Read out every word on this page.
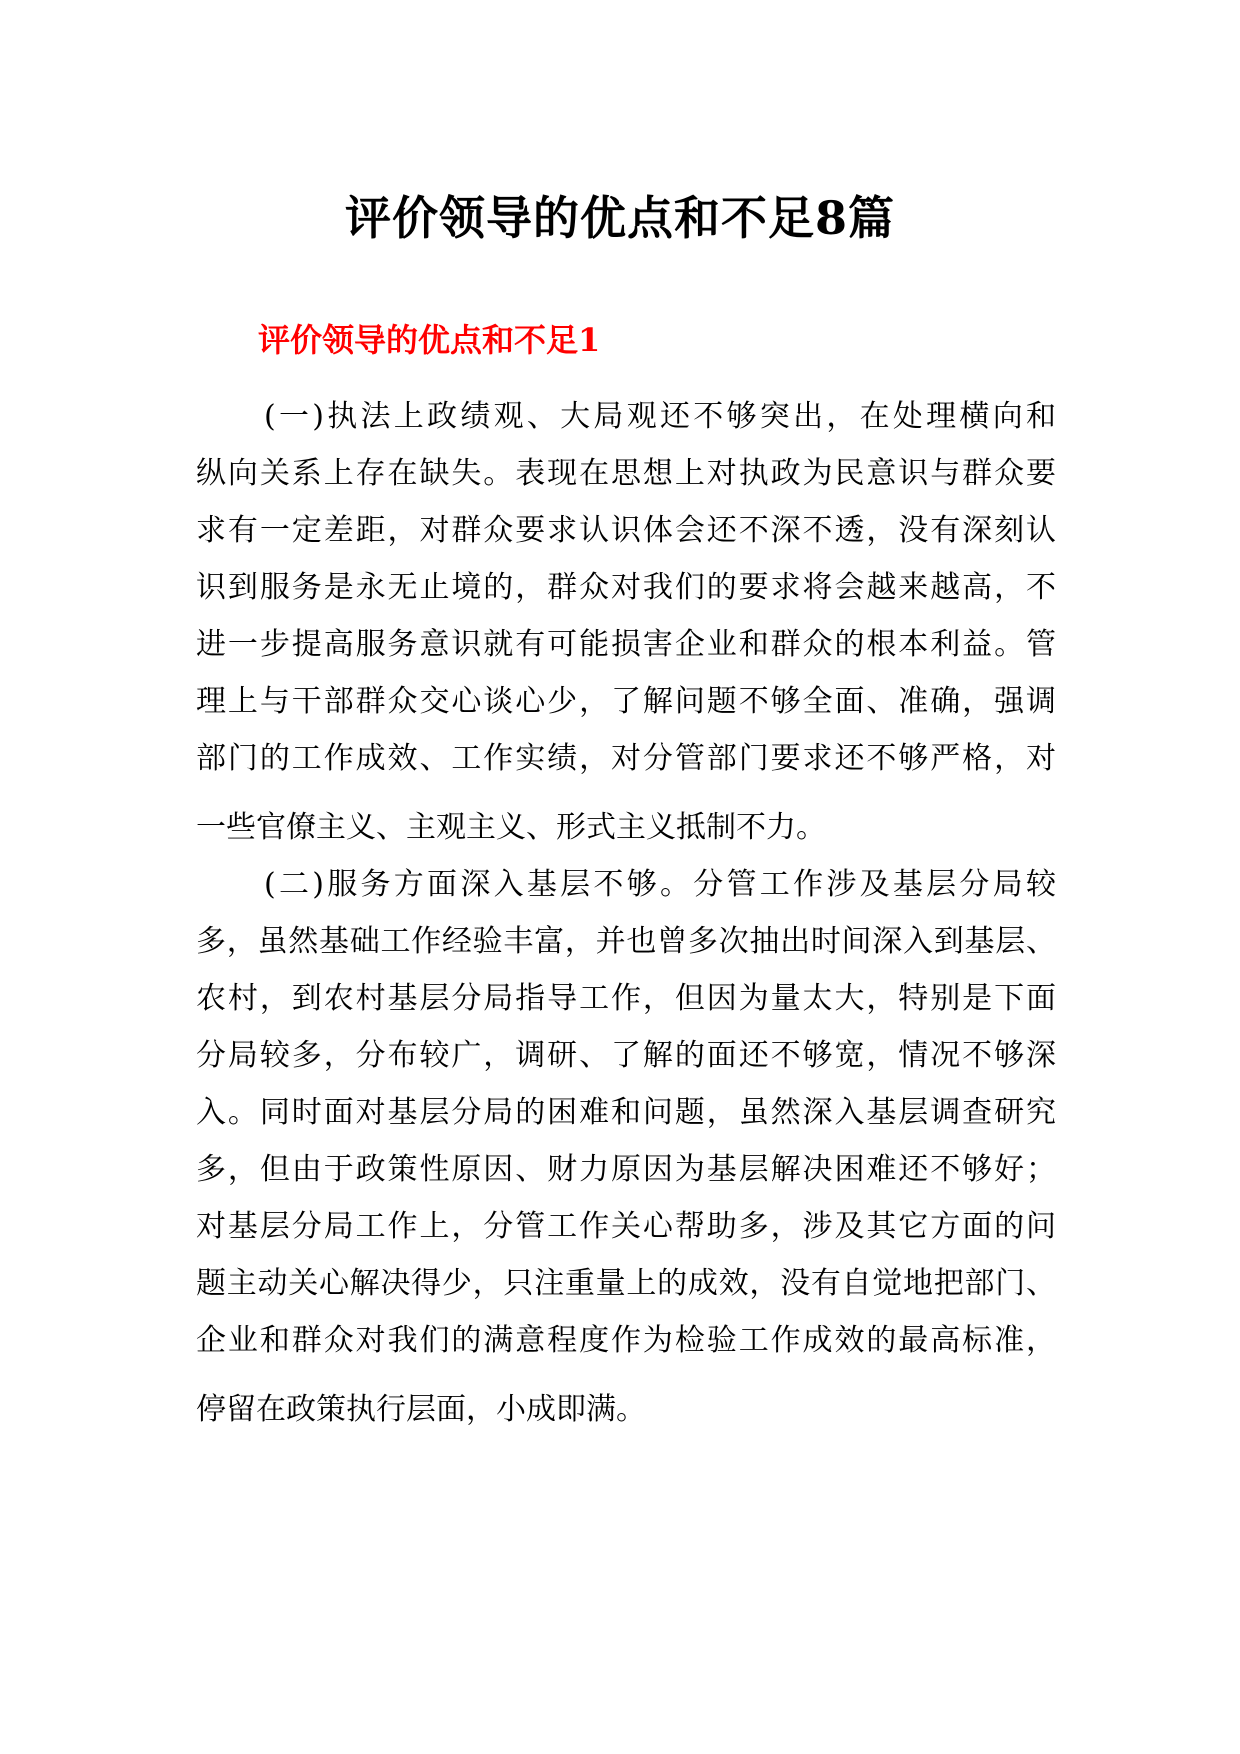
评价领导的优点和不足8篇
评价领导的优点和不足1
(一)执法上政绩观、大局观还不够突出，在处理横向和
纵向关系上存在缺失。表现在思想上对执政为民意识与群众要
求有一定差距，对群众要求认识体会还不深不透，没有深刻认
识到服务是永无止境的，群众对我们的要求将会越来越高，不
进一步提高服务意识就有可能损害企业和群众的根本利益。管
理上与干部群众交心谈心少，了解问题不够全面、准确，强调
部门的工作成效、工作实绩，对分管部门要求还不够严格，对
一些官僚主义、主观主义、形式主义抵制不力。
(二)服务方面深入基层不够。分管工作涉及基层分局较
多，虽然基础工作经验丰富，并也曾多次抽出时间深入到基层、
农村，到农村基层分局指导工作，但因为量太大，特别是下面
分局较多，分布较广，调研、了解的面还不够宽，情况不够深
入。同时面对基层分局的困难和问题，虽然深入基层调查研究
多，但由于政策性原因、财力原因为基层解决困难还不够好；
对基层分局工作上，分管工作关心帮助多，涉及其它方面的问
题主动关心解决得少，只注重量上的成效，没有自觉地把部门、
企业和群众对我们的满意程度作为检验工作成效的最高标准，
停留在政策执行层面，小成即满。
